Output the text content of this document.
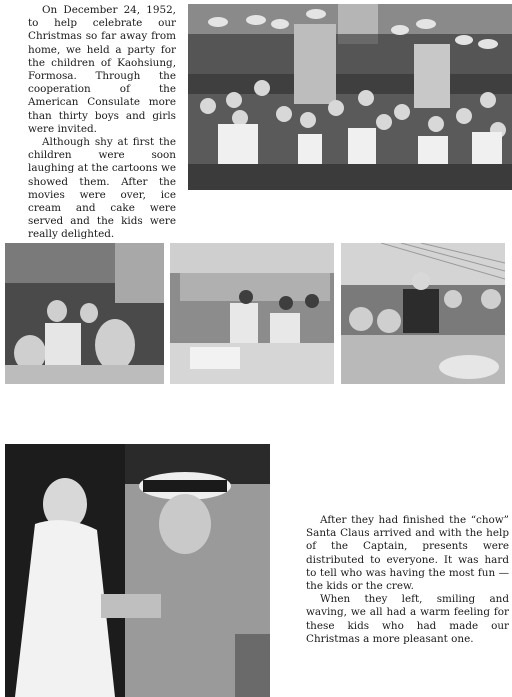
On December 24, 1952, to help celebrate our Christmas so far away from home, we held a party for the children of Kaohsiung, Formosa. Through the cooperation of the American Consulate more than thirty boys and girls were invited.

Although shy at first the children were soon laughing at the cartoons we showed them. After the movies were over, ice cream and cake were served and the kids were really delighted.

After they had finished the “chow” Santa Claus arrived and with the help of the Captain, presents were distributed to everyone. It was hard to tell who was having the most fun — the kids or the crew.

When they left, smiling and waving, we all had a warm feeling for these kids who had made our Christmas a more pleasant one.
